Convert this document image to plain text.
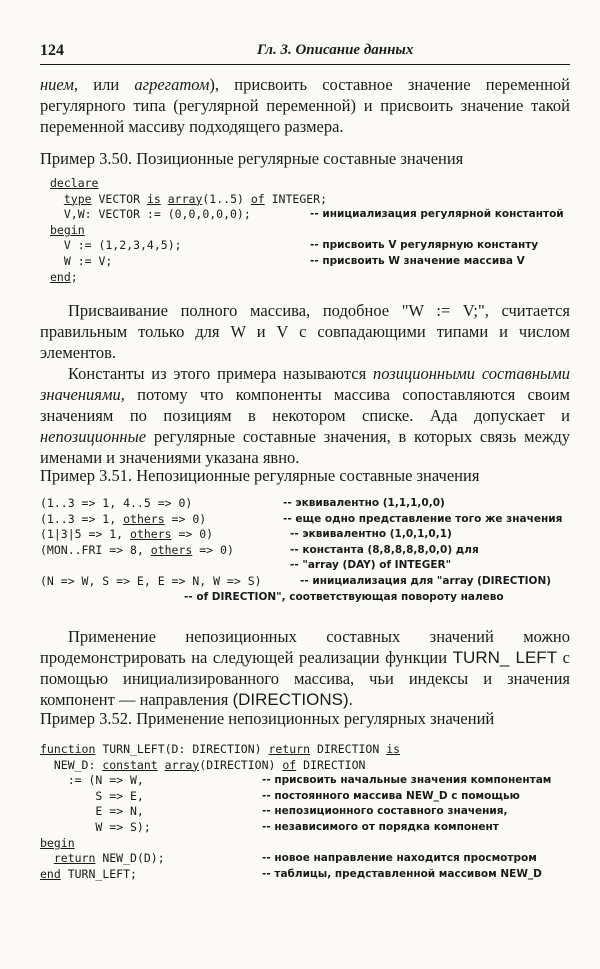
124	Гл. 3. Описание данных

нием, или агрегатом), присвоить составное значение переменной регулярного типа (регулярной переменной) и присвоить значение такой переменной массиву подходящего размера.

Пример 3.50. Позиционные регулярные составные значения
declare
type VECTOR is array(1..5) of INTEGER;
V,W: VECTOR := (0,0,0,0,0);
begin
V := (1,2,3,4,5);
W := V;
end;
-- инициализация регулярной константой
-- присвоить V регулярную константу
-- присвоить W значение массива V

Присваивание полного массива, подобное "W := V;", считается правильным только для W и V с совпадающими типами и числом элементов.

Константы из этого примера называются позиционными составными значениями, потому что компоненты массива сопоставляются своим значениям по позициям в некотором списке. Ада допускает и непозиционные регулярные составные значения, в которых связь между именами и значениями указана явно.

Пример 3.51. Непозиционные регулярные составные значения
(1..3 => 1, 4..5 => 0)
(1..3 => 1, others => 0)
(1|3|5 => 1, others => 0)
(MON..FRI => 8, others => 0)

(N => W, S => E, E => N, W => S)
-- эквивалентно (1,1,1,0,0)
-- еще одно представление того же значения
-- эквивалентно (1,0,1,0,1)
-- константа (8,8,8,8,8,0,0) для
-- "array (DAY) of INTEGER"
-- инициализация для "array (DIRECTION)
-- of DIRECTION", соответствующая повороту налево

Применение непозиционных составных значений можно продемонстрировать на следующей реализации функции TURN_ LEFT с помощью инициализированного массива, чьи индексы и значения компонент — направления (DIRECTIONS).

Пример 3.52. Применение непозиционных регулярных значений
function TURN_LEFT(D: DIRECTION) return DIRECTION is
NEW_D: constant array(DIRECTION) of DIRECTION
:= (N => W,
S => E,
E => N,
W => S);
begin
return NEW_D(D);
end TURN_LEFT;
-- присвоить начальные значения компонентам
-- постоянного массива NEW_D с помощью
-- непозиционного составного значения,
-- независимого от порядка компонент
-- новое направление находится просмотром
-- таблицы, представленной массивом NEW_D
